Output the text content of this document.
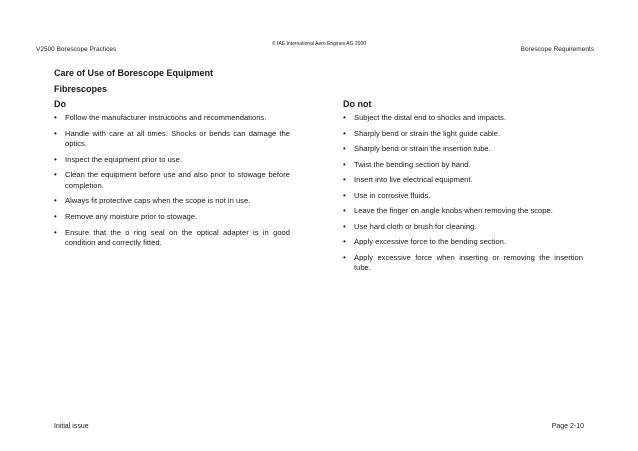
© IAE International Aero Engines AG 2000
V2500 Borescope Practices	Borescope Requirements
Care of Use of Borescope Equipment
Fibrescopes
Do	Do not
• Follow the manufacturer instructions and recommendations.
• Handle with care at all times. Shocks or bends can damage the optics.
• Inspect the equipment prior to use.
• Clean the equipment before use and also prior to stowage before completion.
• Always fit protective caps when the scope is not in use.
• Remove any moisture prior to stowage.
• Ensure that the o ring seal on the optical adapter is in good condition and correctly fitted.
• Subject the distal end to shocks and impacts.
• Sharply bend or strain the light guide cable.
• Sharply bend or strain the insertion tube.
• Twist the bending section by hand.
• Insert into live electrical equipment.
• Use in corrosive fluids.
• Leave the finger on angle knobs when removing the scope.
• Use hard cloth or brush for cleaning.
• Apply excessive force to the bending section.
• Apply excessive force when inserting or removing the insertion tube.
Initial issue	Page 2-10
